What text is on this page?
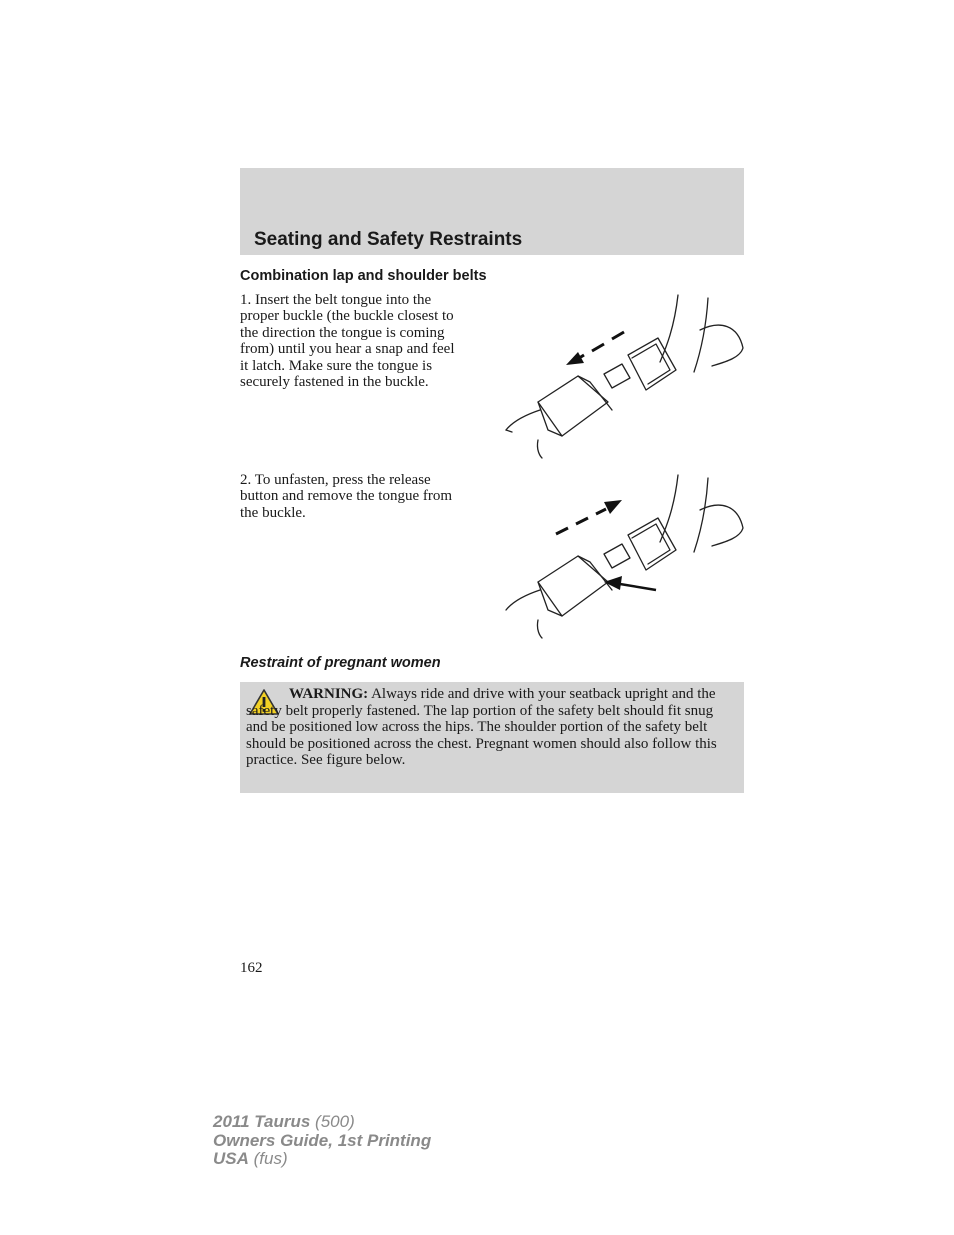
Seating and Safety Restraints
Combination lap and shoulder belts
1. Insert the belt tongue into the
proper buckle (the buckle closest to
the direction the tongue is coming
from) until you hear a snap and feel
it latch. Make sure the tongue is
securely fastened in the buckle.
2. To unfasten, press the release
button and remove the tongue from
the buckle.
Restraint of pregnant women
WARNING: Always ride and drive with your seatback upright and the safety belt properly fastened. The lap portion of the safety belt should fit snug and be positioned low across the hips. The shoulder portion of the safety belt should be positioned across the chest. Pregnant women should also follow this practice. See figure below.
162
2011 Taurus (500)
Owners Guide, 1st Printing
USA (fus)
